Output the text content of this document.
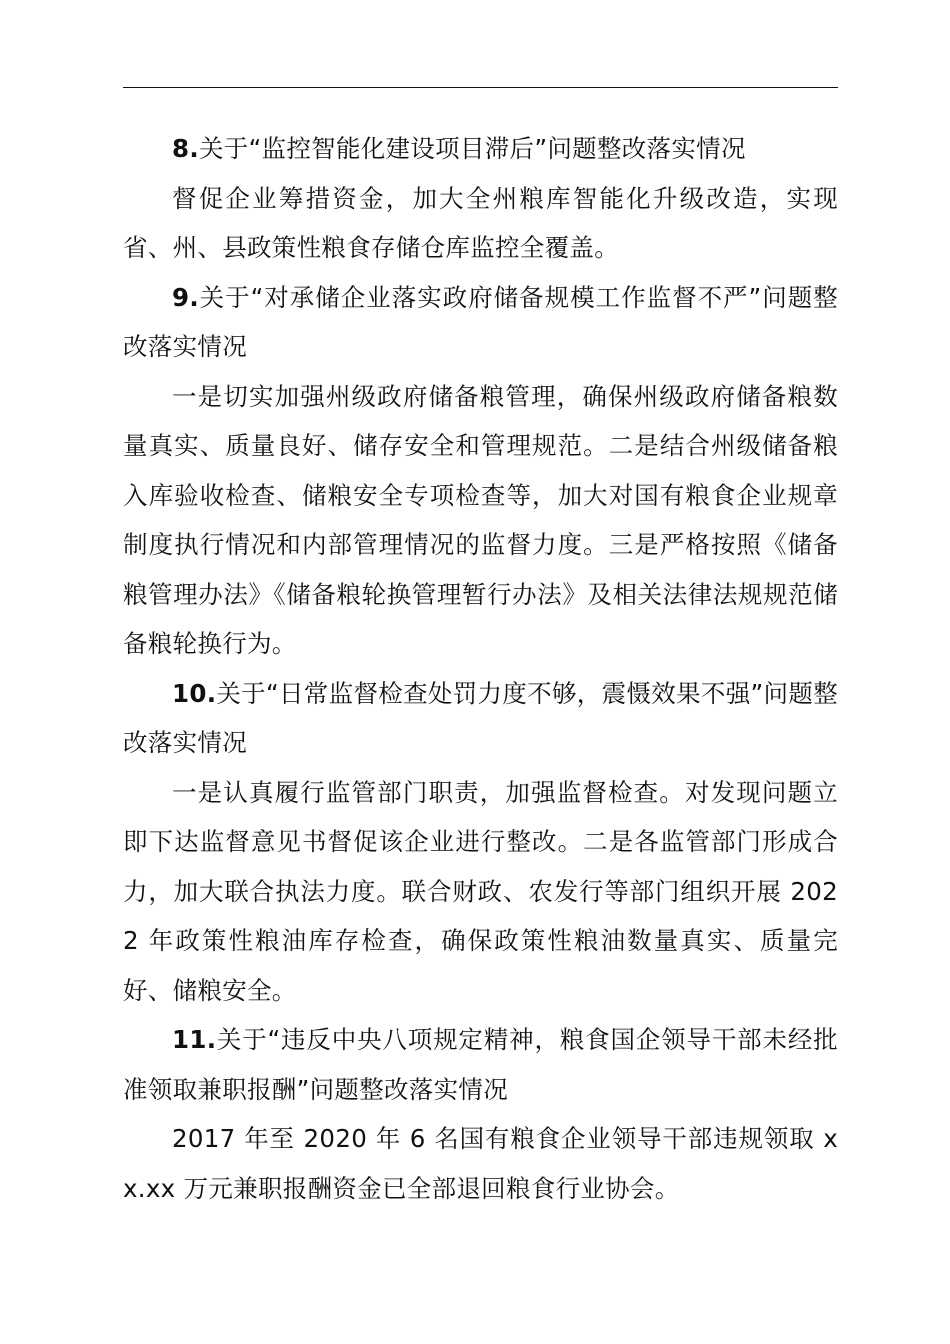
8.关于“监控智能化建设项目滞后”问题整改落实情况

督促企业筹措资金，加大全州粮库智能化升级改造，实现省、州、县政策性粮食存储仓库监控全覆盖。

9.关于“对承储企业落实政府储备规模工作监督不严”问题整改落实情况

一是切实加强州级政府储备粮管理，确保州级政府储备粮数量真实、质量良好、储存安全和管理规范。二是结合州级储备粮入库验收检查、储粮安全专项检查等，加大对国有粮食企业规章制度执行情况和内部管理情况的监督力度。三是严格按照《储备粮管理办法》《储备粮轮换管理暂行办法》及相关法律法规规范储备粮轮换行为。

10.关于“日常监督检查处罚力度不够，震慑效果不强”问题整改落实情况

一是认真履行监管部门职责，加强监督检查。对发现问题立即下达监督意见书督促该企业进行整改。二是各监管部门形成合力，加大联合执法力度。联合财政、农发行等部门组织开展 2022 年政策性粮油库存检查，确保政策性粮油数量真实、质量完好、储粮安全。

11.关于“违反中央八项规定精神，粮食国企领导干部未经批准领取兼职报酬”问题整改落实情况

2017 年至 2020 年 6 名国有粮食企业领导干部违规领取 xx.xx 万元兼职报酬资金已全部退回粮食行业协会。
